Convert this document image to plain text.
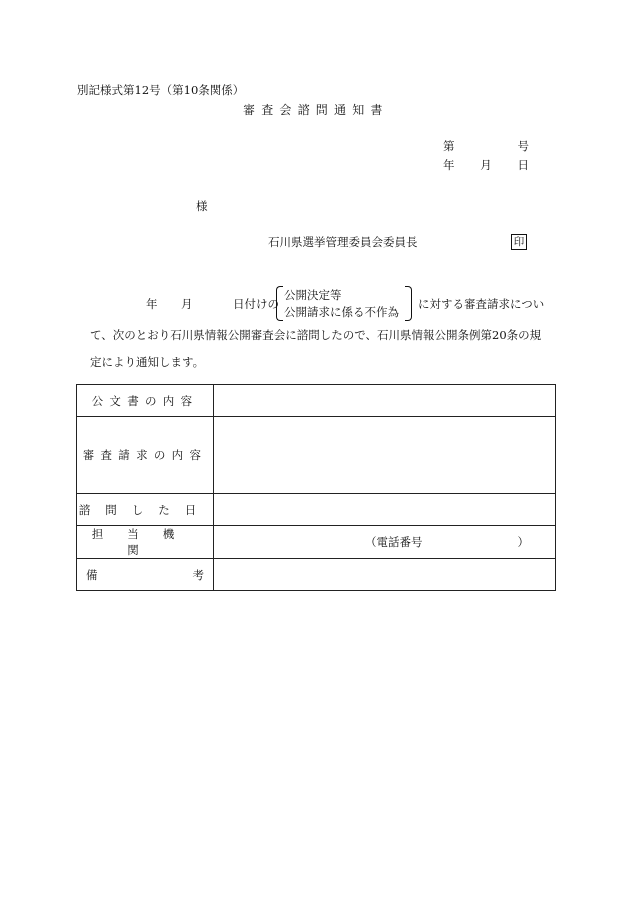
別記様式第12号（第10条関係）
審査会諮問通知書
第	号
年 月 日
様
石川県選挙管理委員会委員長	印
年 月	日付けの
公開決定等
公開請求に係る不作為
に対する審査請求につい
て、次のとおり石川県情報公開審査会に諮問したので、石川県情報公開条例第20条の規
定により通知します。
公文書の内容	
審査請求の内容	
諮問した日	
担当機関	（電話番号 ）

備 考	
